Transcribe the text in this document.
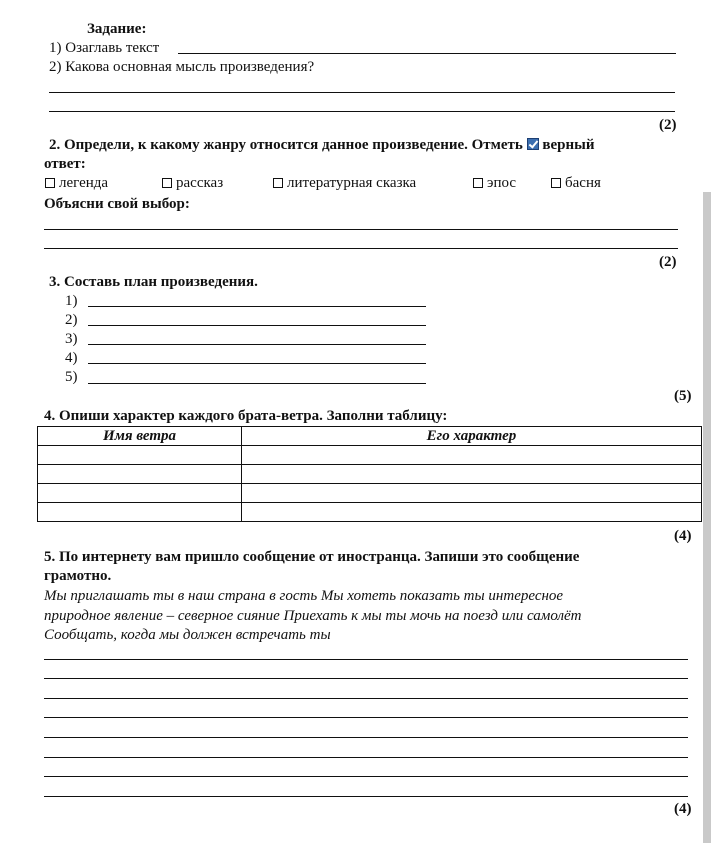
Задание:
1) Озаглавь текст
2) Какова основная мысль произведения?
(2)
2. Определи, к какому жанру относится данное произведение. Отметь верный
ответ:
легенда	рассказ	литературная сказка	эпос	басня
Объясни свой выбор:
(2)
3. Составь план произведения.
1)
2)
3)
4)
5)
(5)
4. Опиши характер каждого брата-ветра. Заполни таблицу:
Имя ветра	Его характер

(4)
5. По интернету вам пришло сообщение от иностранца. Запиши это сообщение
грамотно.
Мы приглашать ты в наш страна в гость Мы хотеть показать ты интересное
природное явление – северное сияние Приехать к мы ты мочь на поезд или самолёт
Сообщать, когда мы должен встречать ты
(4)
